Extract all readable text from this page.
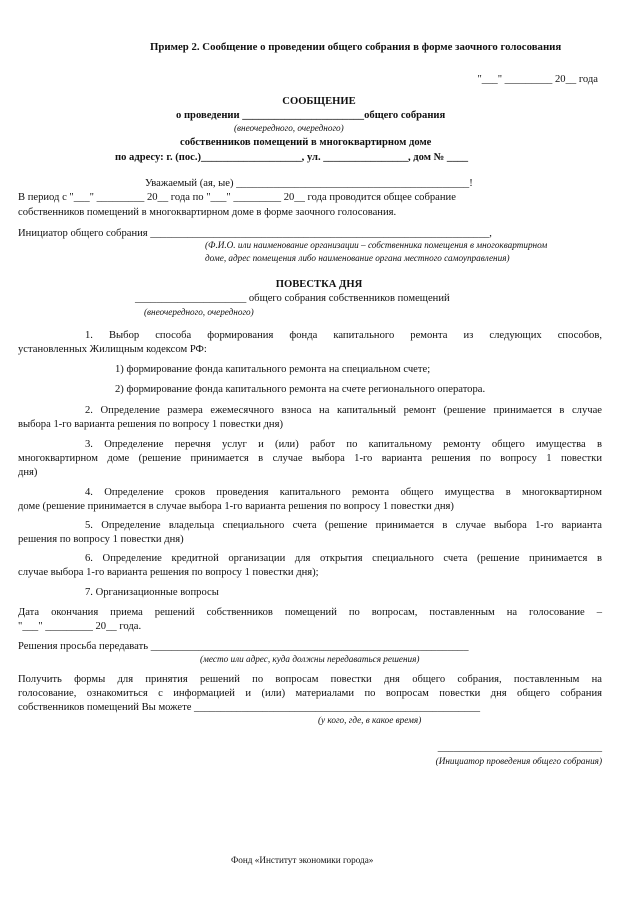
Пример 2. Сообщение о проведении общего собрания в форме заочного голосования
"___" _________ 20__ года
СООБЩЕНИЕ
о проведении _______________________общего собрания
(внеочередного, очередного)
собственников помещений в многоквартирном доме
по адресу: г. (пос.)___________________, ул. ________________, дом № ____
Уважаемый (ая, ые) ____________________________________________!
В период с "___" _________ 20__ года по "___" _________ 20__ года проводится общее собрание
собственников помещений в многоквартирном доме в форме заочного голосования.
Инициатор общего собрания ________________________________________________________________,
(Ф.И.О. или наименование организации – собственника помещения в многоквартирном
доме, адрес помещения либо наименование органа местного самоуправления)
ПОВЕСТКА ДНЯ
_____________________ общего собрания собственников помещений
(внеочередного, очередного)
1. Выбор способа формирования фонда капитального ремонта из следующих способов,
установленных Жилищным кодексом РФ:
1) формирование фонда капитального ремонта на специальном счете;
2) формирование фонда капитального ремонта на счете регионального оператора.
2. Определение размера ежемесячного взноса на капитальный ремонт (решение принимается в случае
выбора 1-го варианта решения по вопросу 1 повестки дня)
3. Определение перечня услуг и (или) работ по капитальному ремонту общего имущества в
многоквартирном доме (решение принимается в случае выбора 1-го варианта решения по вопросу 1 повестки
дня)
4. Определение сроков проведения капитального ремонта общего имущества в многоквартирном
доме (решение принимается в случае выбора 1-го варианта решения по вопросу 1 повестки дня)
5. Определение владельца специального счета (решение принимается в случае выбора 1-го варианта
решения по вопросу 1 повестки дня)
6. Определение кредитной организации для открытия специального счета (решение принимается в
случае выбора 1-го варианта решения по вопросу 1 повестки дня);
7. Организационные вопросы
Дата окончания приема решений собственников помещений по вопросам, поставленным на голосование –
"___" _________ 20__ года.
Решения просьба передавать ____________________________________________________________
(место или адрес, куда должны передаваться решения)
Получить формы для принятия решений по вопросам повестки дня общего собрания, поставленным на
голосование, ознакомиться с информацией и (или) материалами по вопросам повестки дня общего собрания
собственников помещений Вы можете ______________________________________________________
(у кого, где, в какое время)
_______________________________
(Инициатор проведения общего собрания)
Фонд «Институт экономики города»
